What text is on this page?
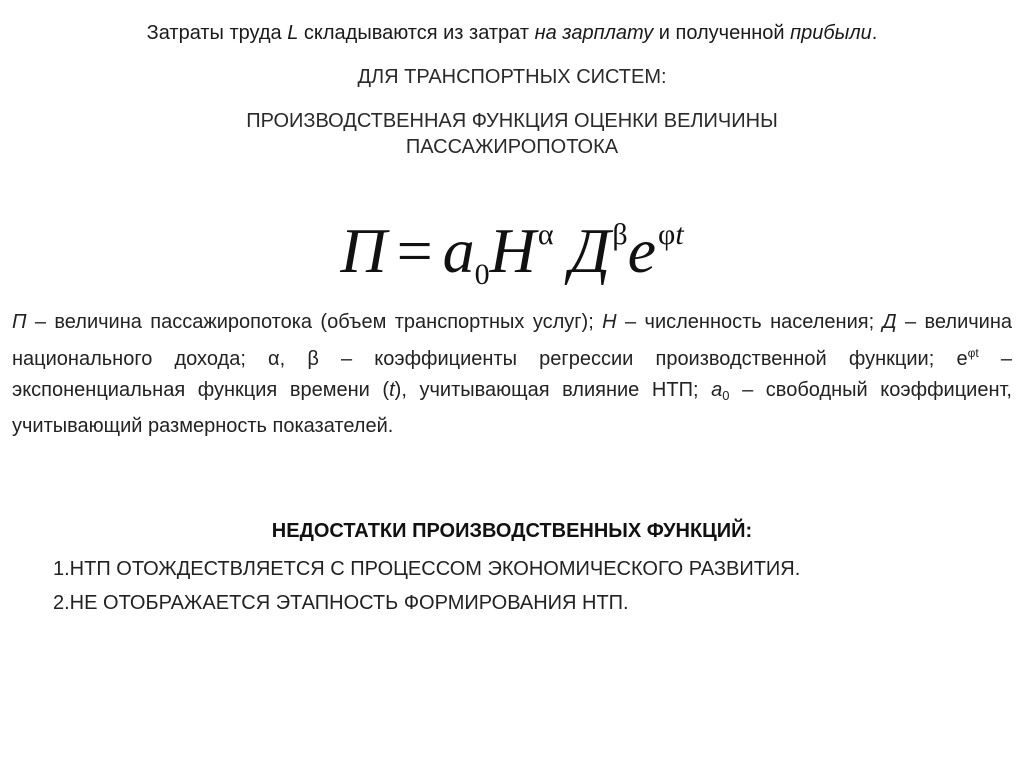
Затраты труда L складываются из затрат на зарплату и полученной прибыли.
ДЛЯ ТРАНСПОРТНЫХ СИСТЕМ:
ПРОИЗВОДСТВЕННАЯ ФУНКЦИЯ ОЦЕНКИ ВЕЛИЧИНЫ
ПАССАЖИРОПОТОКА
$П = a_0Н^\alpha$ $Д^\beta e^{\varphi t}$
П – величина пассажиропотока (объем транспортных услуг); Н – численность населения; Д – величина национального дохода; α, β – коэффициенты регрессии производственной функции; $e^{\varphi t}$ – экспоненциальная функция времени (t), учитывающая влияние НТП; $a_0$ – свободный коэффициент, учитывающий размерность показателей.
НЕДОСТАТКИ ПРОИЗВОДСТВЕННЫХ ФУНКЦИЙ:
1.НТП ОТОЖДЕСТВЛЯЕТСЯ С ПРОЦЕССОМ ЭКОНОМИЧЕСКОГО РАЗВИТИЯ.
2.НЕ ОТОБРАЖАЕТСЯ ЭТАПНОСТЬ ФОРМИРОВАНИЯ НТП.
